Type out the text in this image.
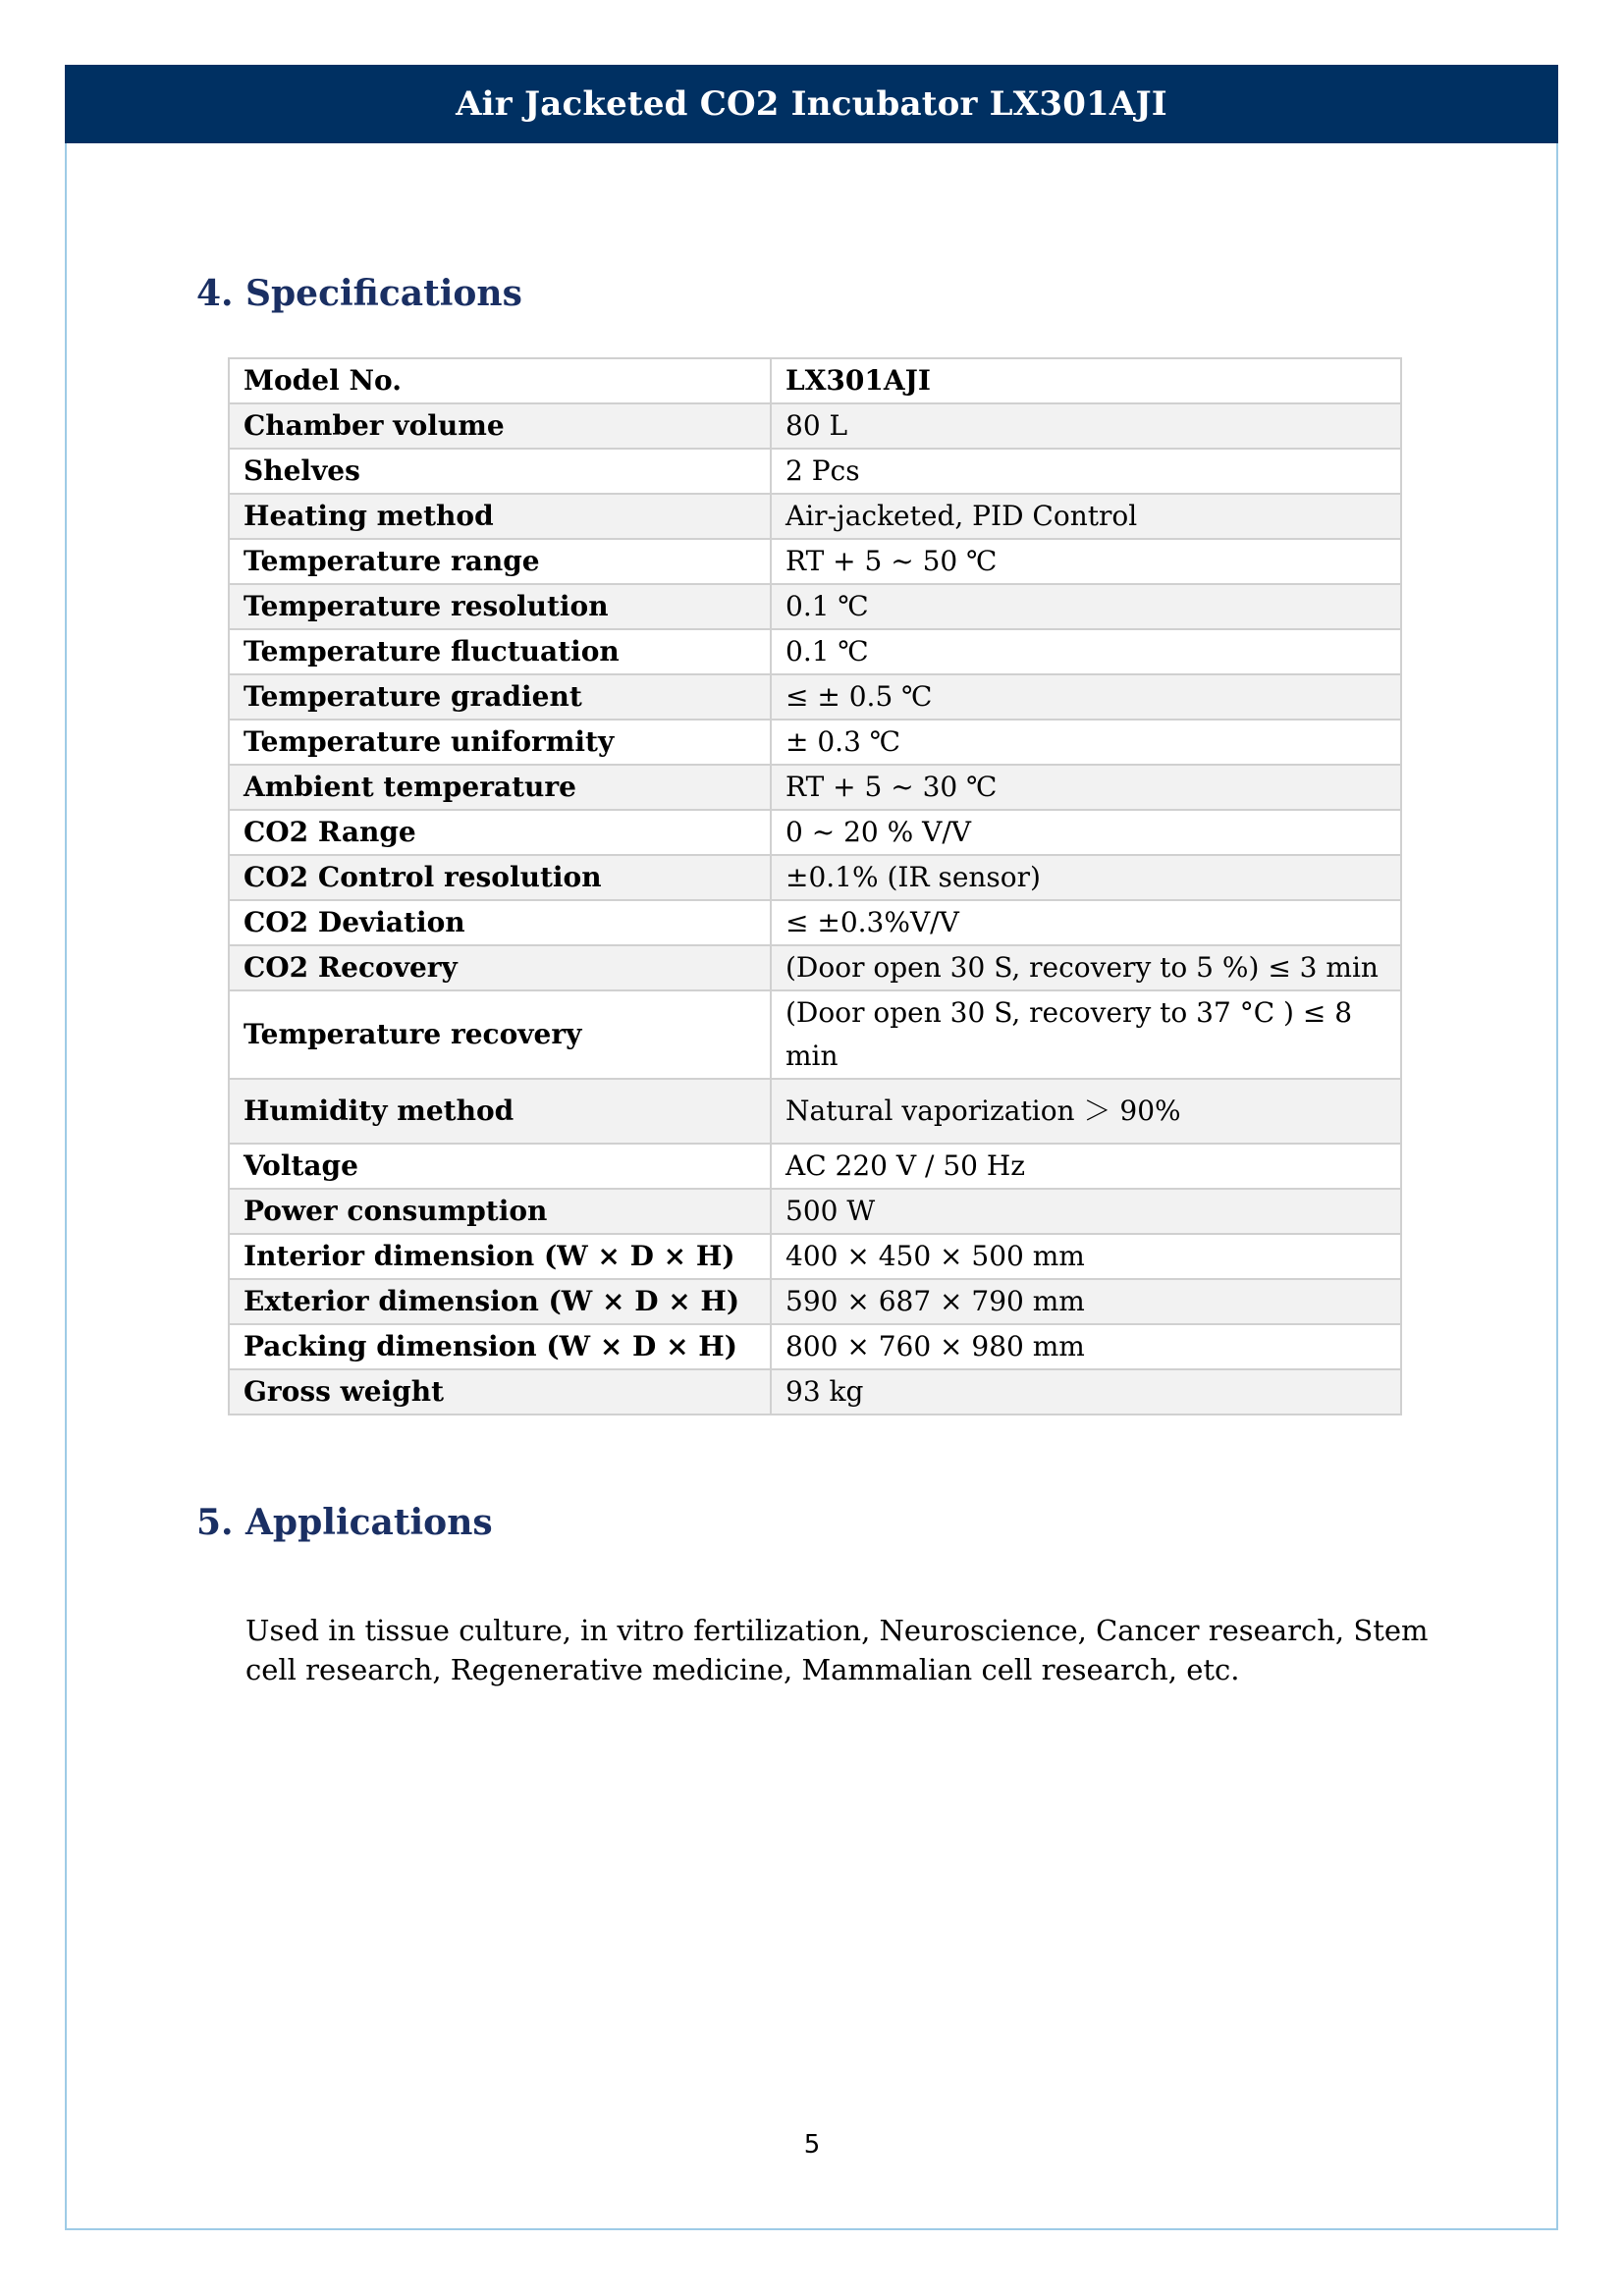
Air Jacketed CO2 Incubator LX301AJI
4. Specifications
Model No.	LX301AJI
Chamber volume	80 L
Shelves	2 Pcs
Heating method	Air-jacketed, PID Control
Temperature range	RT + 5 ~ 50 ℃
Temperature resolution	0.1 ℃
Temperature fluctuation	0.1 ℃
Temperature gradient	≤ ± 0.5 ℃
Temperature uniformity	± 0.3 ℃
Ambient temperature	RT + 5 ~ 30 ℃
CO2 Range	0 ~ 20 % V/V
CO2 Control resolution	±0.1% (IR sensor)
CO2 Deviation	≤ ±0.3%V/V
CO2 Recovery	(Door open 30 S, recovery to 5 %) ≤ 3 min
Temperature recovery	(Door open 30 S, recovery to 37 °C ) ≤ 8 min
Humidity method	Natural vaporization ＞ 90%
Voltage	AC 220 V / 50 Hz
Power consumption	500 W
Interior dimension (W × D × H)	400 × 450 × 500 mm
Exterior dimension (W × D × H)	590 × 687 × 790 mm
Packing dimension (W × D × H)	800 × 760 × 980 mm
Gross weight	93 kg
5. Applications

Used in tissue culture, in vitro fertilization, Neuroscience, Cancer research, Stem cell research, Regenerative medicine, Mammalian cell research, etc.

5
